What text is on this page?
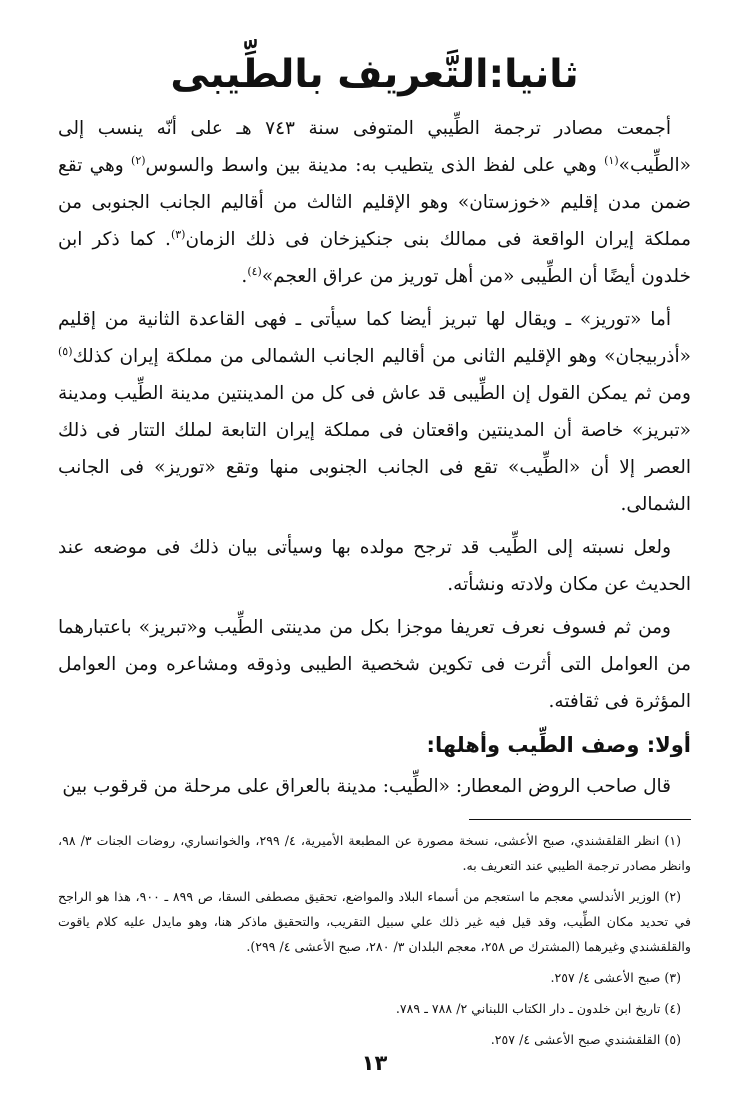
ثانيا:التَّعريف بالطِّيبى

أجمعت مصادر ترجمة الطِّيبي المتوفى سنة ٧٤٣ هـ على أنّه ينسب إلى «الطِّيب»$^{(١)}$ وهي على لفظ الذى يتطيب به: مدينة بين واسط والسوس$^{(٢)}$ وهي تقع ضمن مدن إقليم «خوزستان» وهو الإقليم الثالث من أقاليم الجانب الجنوبى من مملكة إيران الواقعة فى ممالك بنى جنكيزخان فى ذلك الزمان$^{(٣)}$. كما ذكر ابن خلدون أيضًا أن الطِّيبى «من أهل توريز من عراق العجم»$^{(٤)}$.

أما «توريز» ـ ويقال لها تبريز أيضا كما سيأتى ـ فهى القاعدة الثانية من إقليم «أذربيجان» وهو الإقليم الثانى من أقاليم الجانب الشمالى من مملكة إيران كذلك$^{(٥)}$ ومن ثم يمكن القول إن الطِّيبى قد عاش فى كل من المدينتين مدينة الطِّيب ومدينة «تبريز» خاصة أن المدينتين واقعتان فى مملكة إيران التابعة لملك التتار فى ذلك العصر إلا أن «الطِّيب» تقع فى الجانب الجنوبى منها وتقع «توريز» فى الجانب الشمالى.

ولعل نسبته إلى الطِّيب قد ترجح مولده بها وسيأتى بيان ذلك فى موضعه عند الحديث عن مكان ولادته ونشأته.

ومن ثم فسوف نعرف تعريفا موجزا بكل من مدينتى الطِّيب و«تبريز» باعتبارهما من العوامل التى أثرت فى تكوين شخصية الطيبى وذوقه ومشاعره ومن العوامل المؤثرة فى ثقافته.

أولا: وصف الطِّيب وأهلها:

قال صاحب الروض المعطار: «الطِّيب: مدينة بالعراق على مرحلة من قرقوب بين

(١) انظر القلقشندي، صبح الأعشى، نسخة مصورة عن المطبعة الأميرية، ٤/ ٢٩٩، والخوانساري، روضات الجنات ٣/ ٩٨، وانظر مصادر ترجمة الطيبي عند التعريف به.

(٢) الوزير الأندلسي معجم ما استعجم من أسماء البلاد والمواضع، تحقيق مصطفى السقا، ص ٨٩٩ ـ ٩٠٠، هذا هو الراجح في تحديد مكان الطِّيب، وقد قيل فيه غير ذلك علي سبيل التقريب، والتحقيق ماذكر هنا، وهو مايدل عليه كلام ياقوت والقلقشندي وغيرهما (المشترك ص ٢٥٨، معجم البلدان ٣/ ٢٨٠، صبح الأعشى ٤/ ٢٩٩).

(٣) صبح الأعشى ٤/ ٢٥٧.

(٤) تاريخ ابن خلدون ـ دار الكتاب اللبناني ٢/ ٧٨٨ ـ ٧٨٩.

(٥) القلقشندي صبح الأعشى ٤/ ٢٥٧.

١٣
